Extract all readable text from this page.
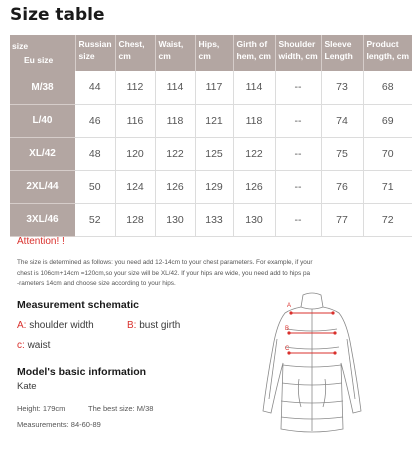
Size table
size
Eu size	Russian size	Chest, cm	Waist, cm	Hips, cm	Girth of hem, cm	Shoulder width, cm	Sleeve Length	Product length, cm
M/38	44	112	114	117	114	--	73	68
L/40	46	116	118	121	118	--	74	69
XL/42	48	120	122	125	122	--	75	70
2XL/44	50	124	126	129	126	--	76	71
3XL/46	52	128	130	133	130	--	77	72
Attention! !
The size is determined as follows: you need add 12-14cm to your chest parameters. For example, if your
chest is 106cm+14cm =120cm,so your size will be XL/42. If your hips are wide, you need add to hips pa
-rameters 14cm and choose size according to your hips.
Measurement schematic
A: shoulder width	B: bust girth
c: waist
Model's basic information
Kate
Height: 179cm	The best size: M/38
Measurements: 84-60-89
A
B
C
